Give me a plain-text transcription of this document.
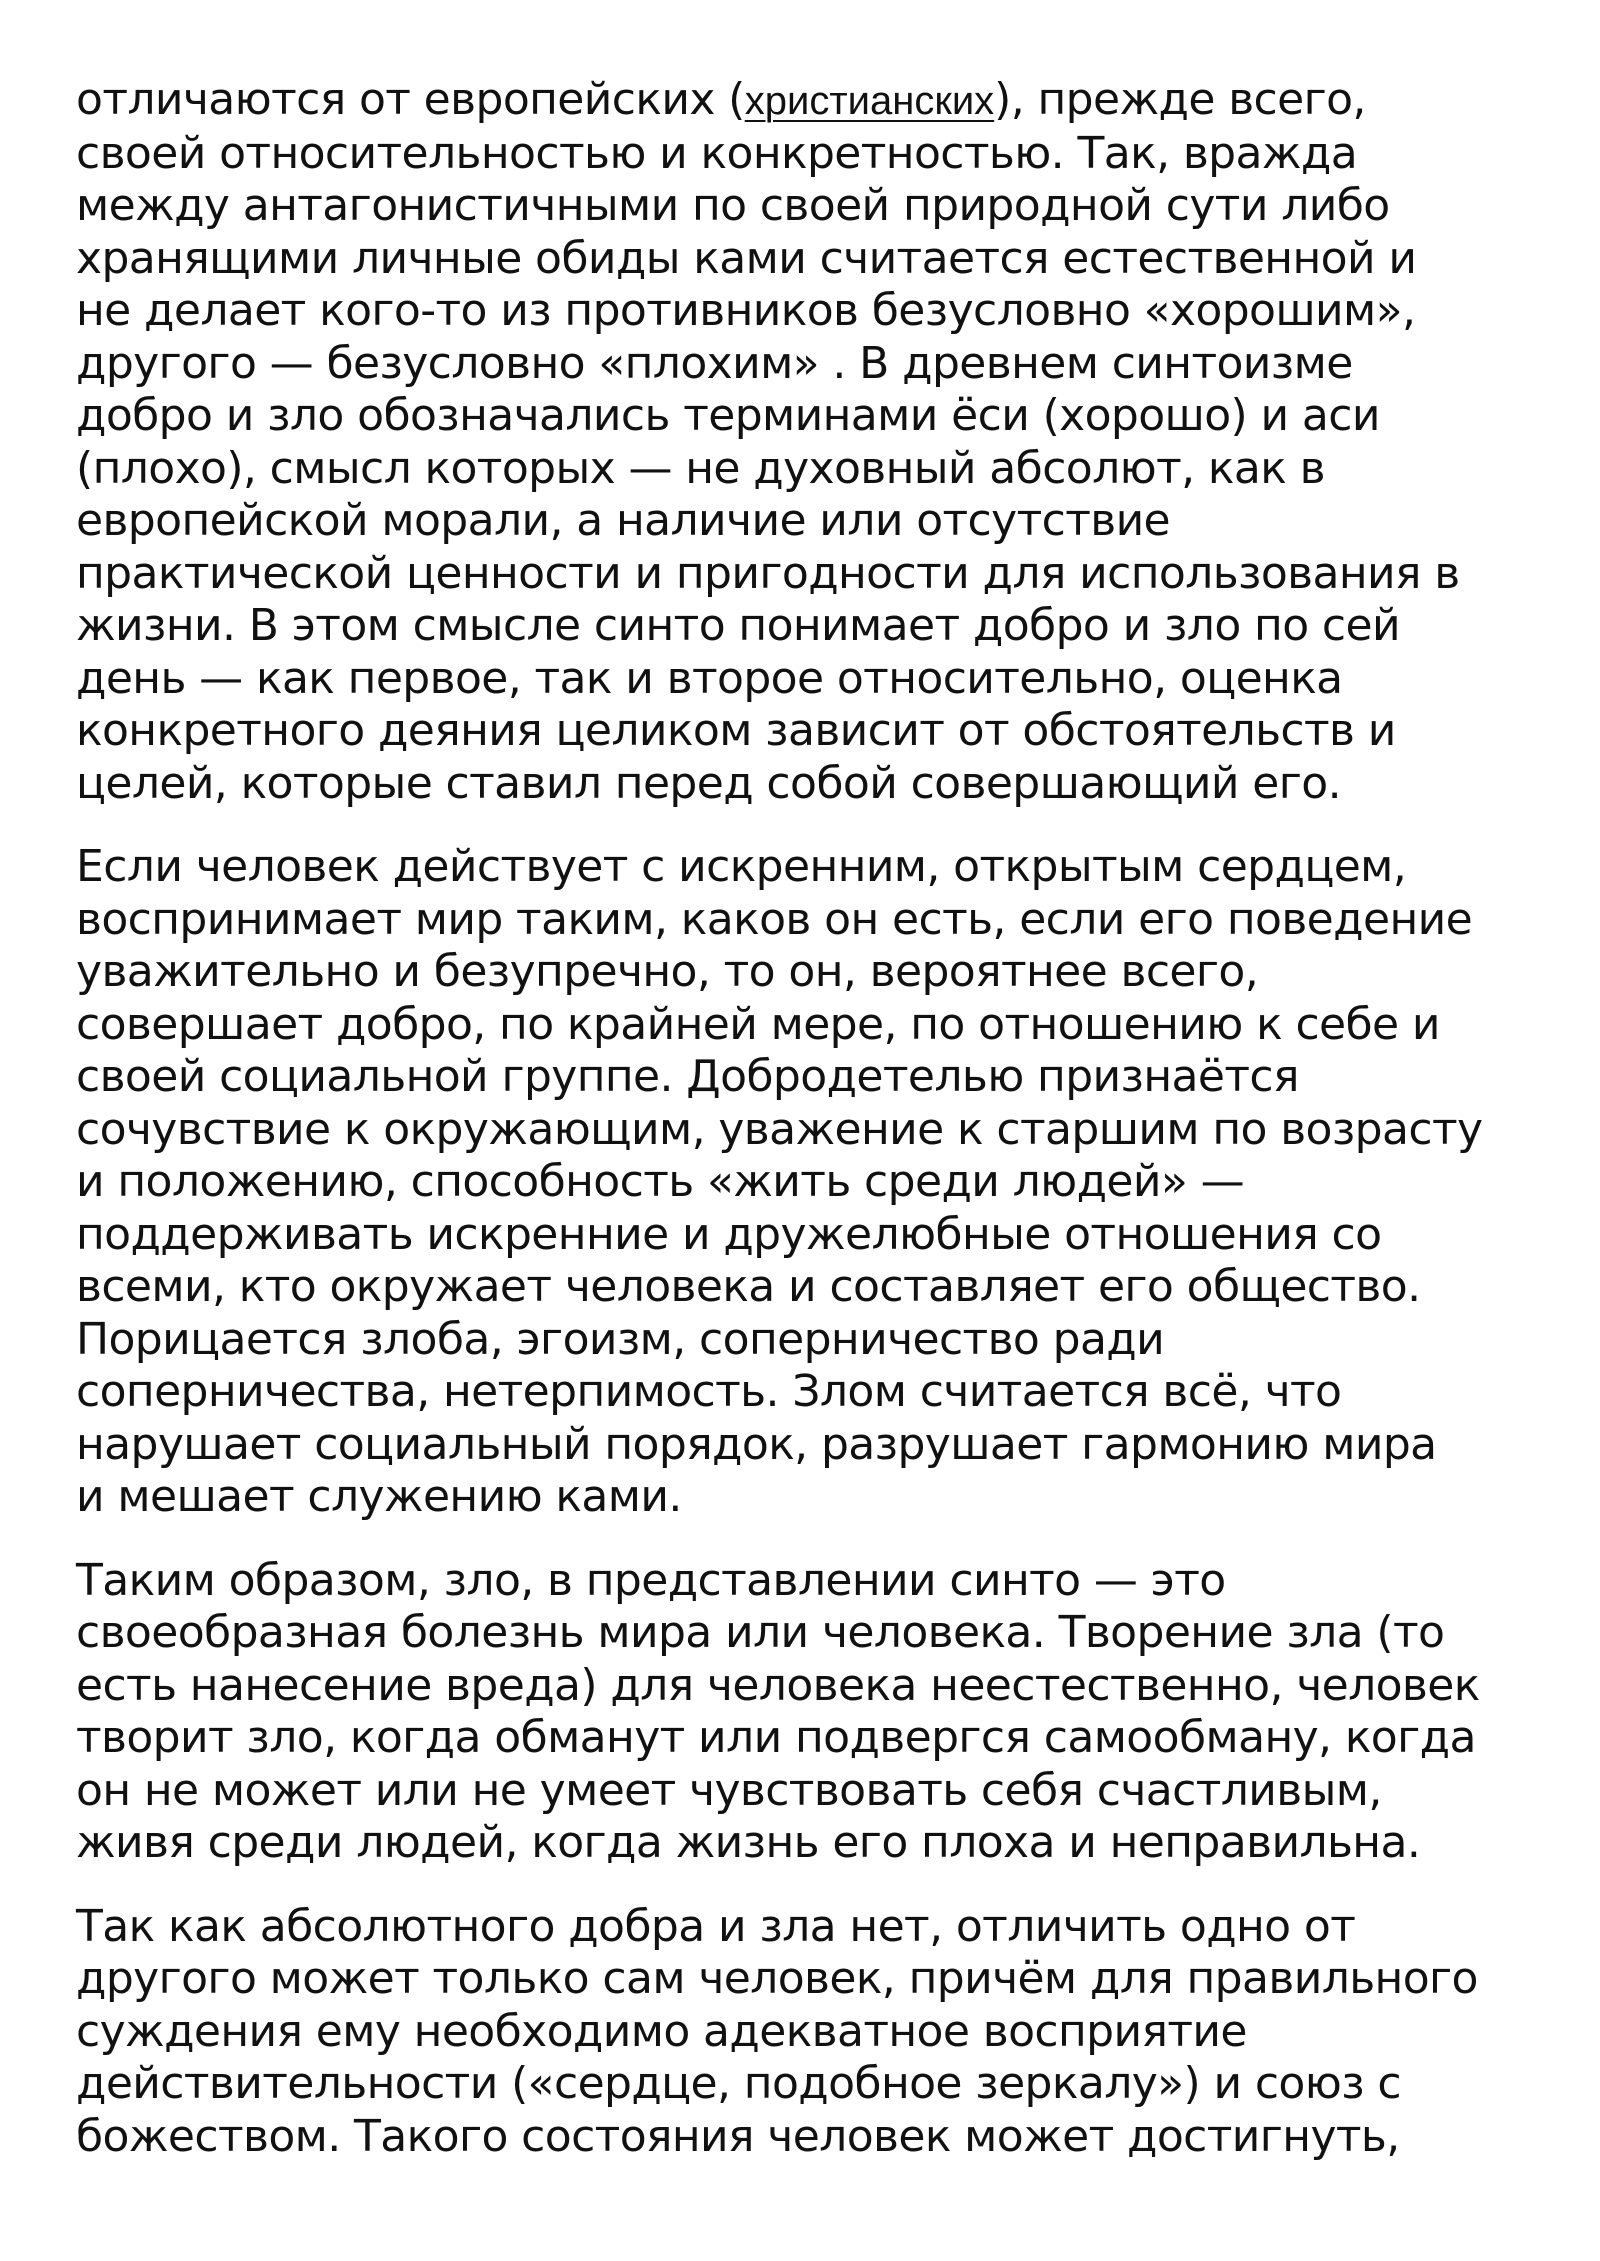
отличаются от европейских (христианских), прежде всего,
своей относительностью и конкретностью. Так, вражда
между антагонистичными по своей природной сути либо
хранящими личные обиды ками считается естественной и
не делает кого-то из противников безусловно «хорошим»,
другого — безусловно «плохим» . В древнем синтоизме
добро и зло обозначались терминами ёси (хорошо) и аси
(плохо), смысл которых — не духовный абсолют, как в
европейской морали, а наличие или отсутствие
практической ценности и пригодности для использования в
жизни. В этом смысле синто понимает добро и зло по сей
день — как первое, так и второе относительно, оценка
конкретного деяния целиком зависит от обстоятельств и
целей, которые ставил перед собой совершающий его.
Если человек действует с искренним, открытым сердцем,
воспринимает мир таким, каков он есть, если его поведение
уважительно и безупречно, то он, вероятнее всего,
совершает добро, по крайней мере, по отношению к себе и
своей социальной группе. Добродетелью признаётся
сочувствие к окружающим, уважение к старшим по возрасту
и положению, способность «жить среди людей» —
поддерживать искренние и дружелюбные отношения со
всеми, кто окружает человека и составляет его общество.
Порицается злоба, эгоизм, соперничество ради
соперничества, нетерпимость. Злом считается всё, что
нарушает социальный порядок, разрушает гармонию мира
и мешает служению ками.
Таким образом, зло, в представлении синто — это
своеобразная болезнь мира или человека. Творение зла (то
есть нанесение вреда) для человека неестественно, человек
творит зло, когда обманут или подвергся самообману, когда
он не может или не умеет чувствовать себя счастливым,
живя среди людей, когда жизнь его плоха и неправильна.
Так как абсолютного добра и зла нет, отличить одно от
другого может только сам человек, причём для правильного
суждения ему необходимо адекватное восприятие
действительности («сердце, подобное зеркалу») и союз с
божеством. Такого состояния человек может достигнуть,
